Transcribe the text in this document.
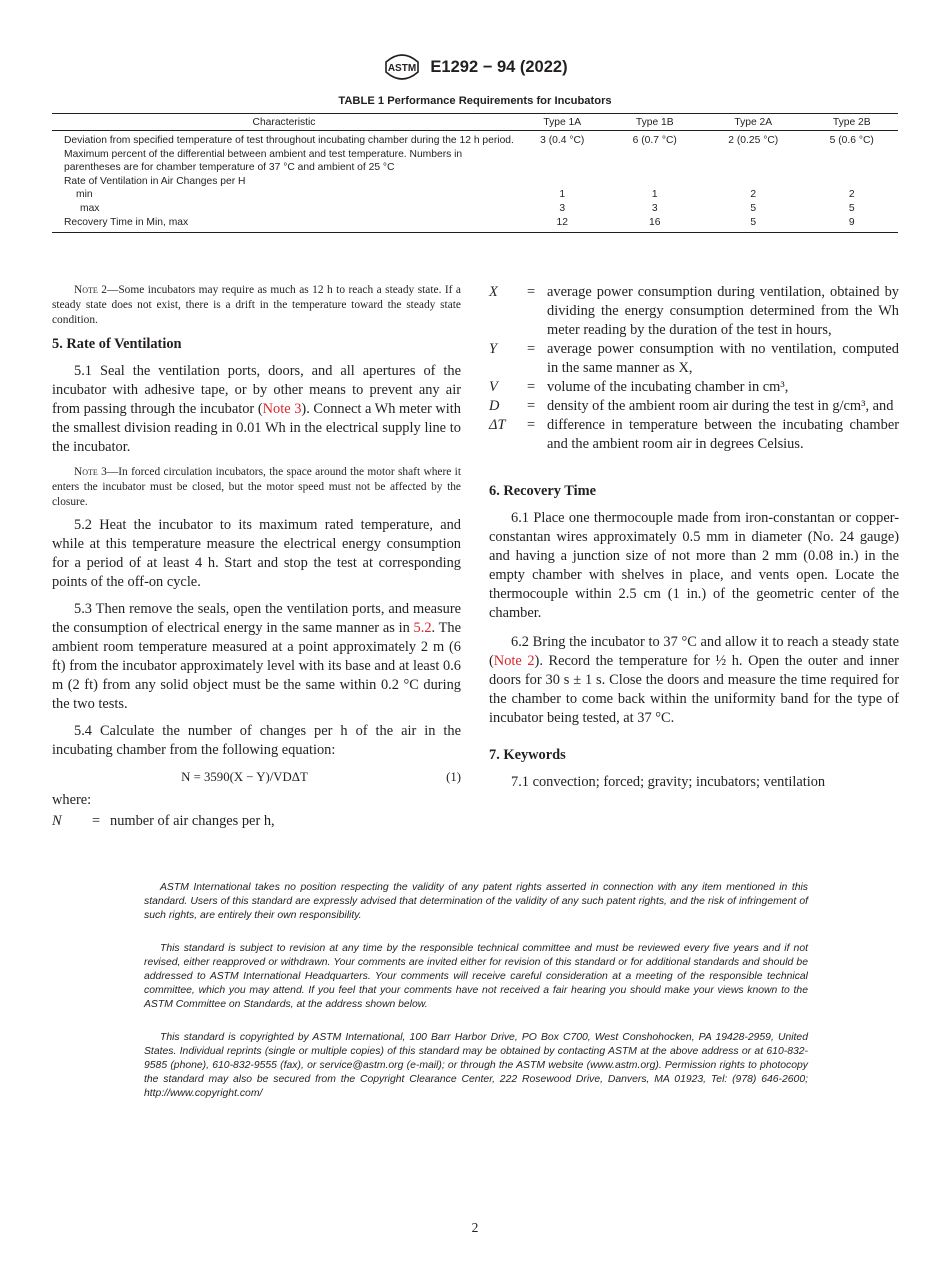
ASTM E1292 − 94 (2022)
TABLE 1 Performance Requirements for Incubators
Characteristic	Type 1A	Type 1B	Type 2A	Type 2B
Deviation from specified temperature of test throughout incubating chamber during the 12 h period. Maximum percent of the differential between ambient and test temperature. Numbers in parentheses are for chamber temperature of 37 °C and ambient of 25 °C	3 (0.4 °C)	6 (0.7 °C)	2 (0.25 °C)	5 (0.6 °C)
Rate of Ventilation in Air Changes per H				
min	1	1	2	2
max	3	3	5	5
Recovery Time in Min, max	12	16	5	9
Note 2—Some incubators may require as much as 12 h to reach a steady state. If a steady state does not exist, there is a drift in the temperature toward the steady state condition.
5. Rate of Ventilation

5.1 Seal the ventilation ports, doors, and all apertures of the incubator with adhesive tape, or by other means to prevent any air from passing through the incubator (Note 3). Connect a Wh meter with the smallest division reading in 0.01 Wh in the electrical supply line to the incubator.

Note 3—In forced circulation incubators, the space around the motor shaft where it enters the incubator must be closed, but the motor speed must not be affected by the closure.

5.2 Heat the incubator to its maximum rated temperature, and while at this temperature measure the electrical energy consumption for a period of at least 4 h. Start and stop the test at corresponding points of the off-on cycle.

5.3 Then remove the seals, open the ventilation ports, and measure the consumption of electrical energy in the same manner as in 5.2. The ambient room temperature measured at a point approximately 2 m (6 ft) from the incubator approximately level with its base and at least 0.6 m (2 ft) from any solid object must be the same within 0.2 °C during the two tests.

5.4 Calculate the number of changes per h of the air in the incubating chamber from the following equation:

N = 3590(X − Y)/VDΔT	(1)
where:
N	= number of air changes per h,
X	= average power consumption during ventilation, obtained by dividing the energy consumption determined from the Wh meter reading by the duration of the test in hours,
Y	= average power consumption with no ventilation, computed in the same manner as X,
V	= volume of the incubating chamber in cm³,
D	= density of the ambient room air during the test in g/cm³, and
ΔT	= difference in temperature between the incubating chamber and the ambient room air in degrees Celsius.
6. Recovery Time

6.1 Place one thermocouple made from iron-constantan or copper-constantan wires approximately 0.5 mm in diameter (No. 24 gauge) and having a junction size of not more than 2 mm (0.08 in.) in the empty chamber with shelves in place, and vents open. Locate the thermocouple within 2.5 cm (1 in.) of the geometric center of the chamber.

6.2 Bring the incubator to 37 °C and allow it to reach a steady state (Note 2). Record the temperature for ½ h. Open the outer and inner doors for 30 s ± 1 s. Close the doors and measure the time required for the chamber to come back within the uniformity band for the type of incubator being tested, at 37 °C.

7. Keywords

7.1 convection; forced; gravity; incubators; ventilation

ASTM International takes no position respecting the validity of any patent rights asserted in connection with any item mentioned in this standard. Users of this standard are expressly advised that determination of the validity of any such patent rights, and the risk of infringement of such rights, are entirely their own responsibility.
This standard is subject to revision at any time by the responsible technical committee and must be reviewed every five years and if not revised, either reapproved or withdrawn. Your comments are invited either for revision of this standard or for additional standards and should be addressed to ASTM International Headquarters. Your comments will receive careful consideration at a meeting of the responsible technical committee, which you may attend. If you feel that your comments have not received a fair hearing you should make your views known to the ASTM Committee on Standards, at the address shown below.
This standard is copyrighted by ASTM International, 100 Barr Harbor Drive, PO Box C700, West Conshohocken, PA 19428-2959, United States. Individual reprints (single or multiple copies) of this standard may be obtained by contacting ASTM at the above address or at 610-832-9585 (phone), 610-832-9555 (fax), or service@astm.org (e-mail); or through the ASTM website (www.astm.org). Permission rights to photocopy the standard may also be secured from the Copyright Clearance Center, 222 Rosewood Drive, Danvers, MA 01923, Tel: (978) 646-2600; http://www.copyright.com/
2
